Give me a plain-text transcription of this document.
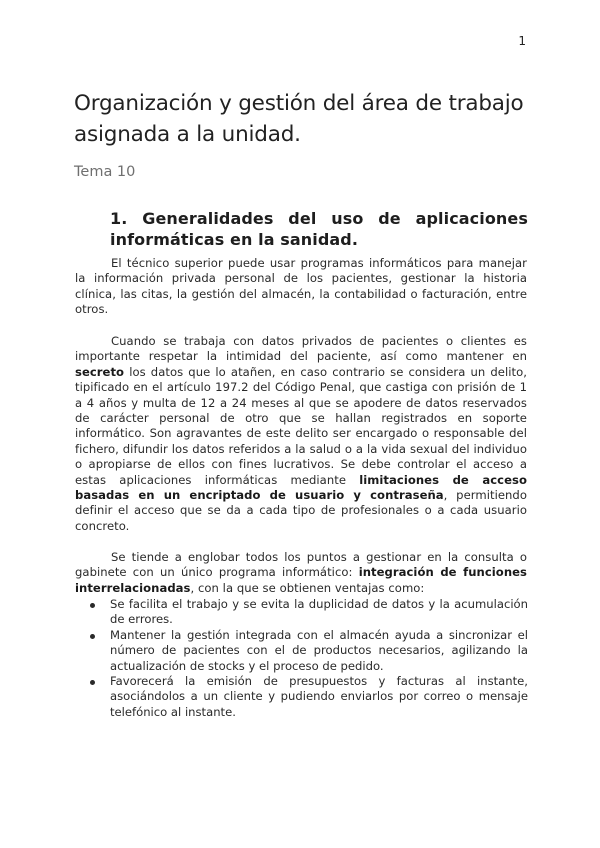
1
Organización y gestión del área de trabajo asignada a la unidad.

Tema 10

1. Generalidades del uso de aplicaciones informáticas en la sanidad.

El técnico superior puede usar programas informáticos para manejar la información privada personal de los pacientes, gestionar la historia clínica, las citas, la gestión del almacén, la contabilidad o facturación, entre otros.

Cuando se trabaja con datos privados de pacientes o clientes es importante respetar la intimidad del paciente, así como mantener en secreto los datos que lo atañen, en caso contrario se considera un delito, tipificado en el artículo 197.2 del Código Penal, que castiga con prisión de 1 a 4 años y multa de 12 a 24 meses al que se apodere de datos reservados de carácter personal de otro que se hallan registrados en soporte informático. Son agravantes de este delito ser encargado o responsable del fichero, difundir los datos referidos a la salud o a la vida sexual del individuo o apropiarse de ellos con fines lucrativos. Se debe controlar el acceso a estas aplicaciones informáticas mediante limitaciones de acceso basadas en un encriptado de usuario y contraseña, permitiendo definir el acceso que se da a cada tipo de profesionales o a cada usuario concreto.

Se tiende a englobar todos los puntos a gestionar en la consulta o gabinete con un único programa informático: integración de funciones interrelacionadas, con la que se obtienen ventajas como:

Se facilita el trabajo y se evita la duplicidad de datos y la acumulación de errores.
Mantener la gestión integrada con el almacén ayuda a sincronizar el número de pacientes con el de productos necesarios, agilizando la actualización de stocks y el proceso de pedido.
Favorecerá la emisión de presupuestos y facturas al instante, asociándolos a un cliente y pudiendo enviarlos por correo o mensaje telefónico al instante.
